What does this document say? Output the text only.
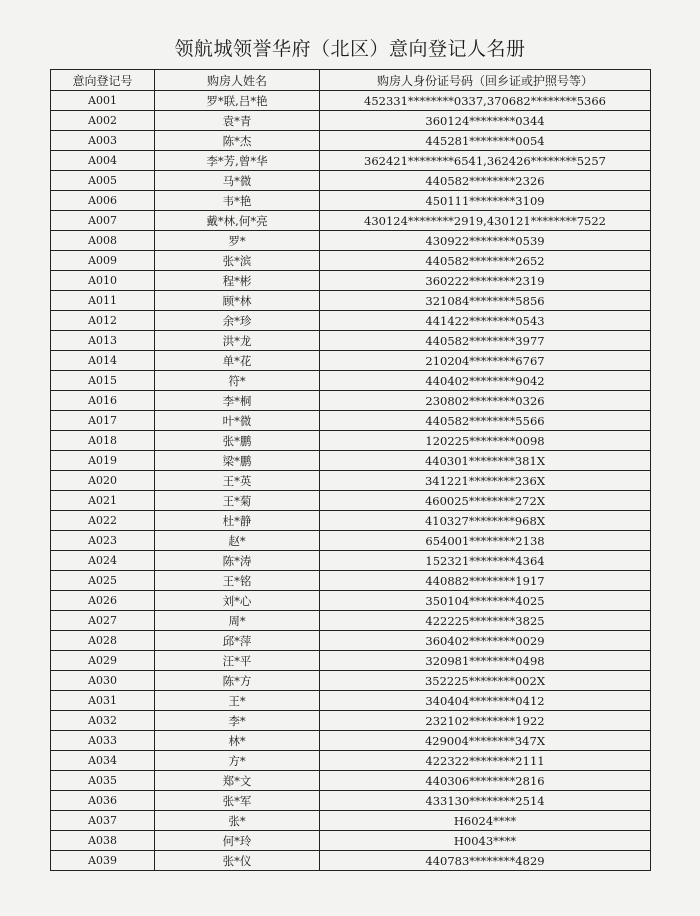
领航城领誉华府（北区）意向登记人名册
意向登记号	购房人姓名	购房人身份证号码（回乡证或护照号等）
A001	罗*联,吕*艳	452331********0337,370682********5366
A002	袁*青	360124********0344
A003	陈*杰	445281********0054
A004	李*芳,曾*华	362421********6541,362426********5257
A005	马*微	440582********2326
A006	韦*艳	450111********3109
A007	戴*林,何*亮	430124********2919,430121********7522
A008	罗*	430922********0539
A009	张*滨	440582********2652
A010	程*彬	360222********2319
A011	顾*林	321084********5856
A012	余*珍	441422********0543
A013	洪*龙	440582********3977
A014	单*花	210204********6767
A015	符*	440402********9042
A016	李*桐	230802********0326
A017	叶*微	440582********5566
A018	张*鹏	120225********0098
A019	梁*鹏	440301********381X
A020	王*英	341221********236X
A021	王*菊	460025********272X
A022	杜*静	410327********968X
A023	赵*	654001********2138
A024	陈*涛	152321********4364
A025	王*铭	440882********1917
A026	刘*心	350104********4025
A027	周*	422225********3825
A028	邱*萍	360402********0029
A029	汪*平	320981********0498
A030	陈*方	352225********002X
A031	王*	340404********0412
A032	李*	232102********1922
A033	林*	429004********347X
A034	方*	422322********2111
A035	郑*文	440306********2816
A036	张*军	433130********2514
A037	张*	H6024****
A038	何*玲	H0043****
A039	张*仪	440783********4829
